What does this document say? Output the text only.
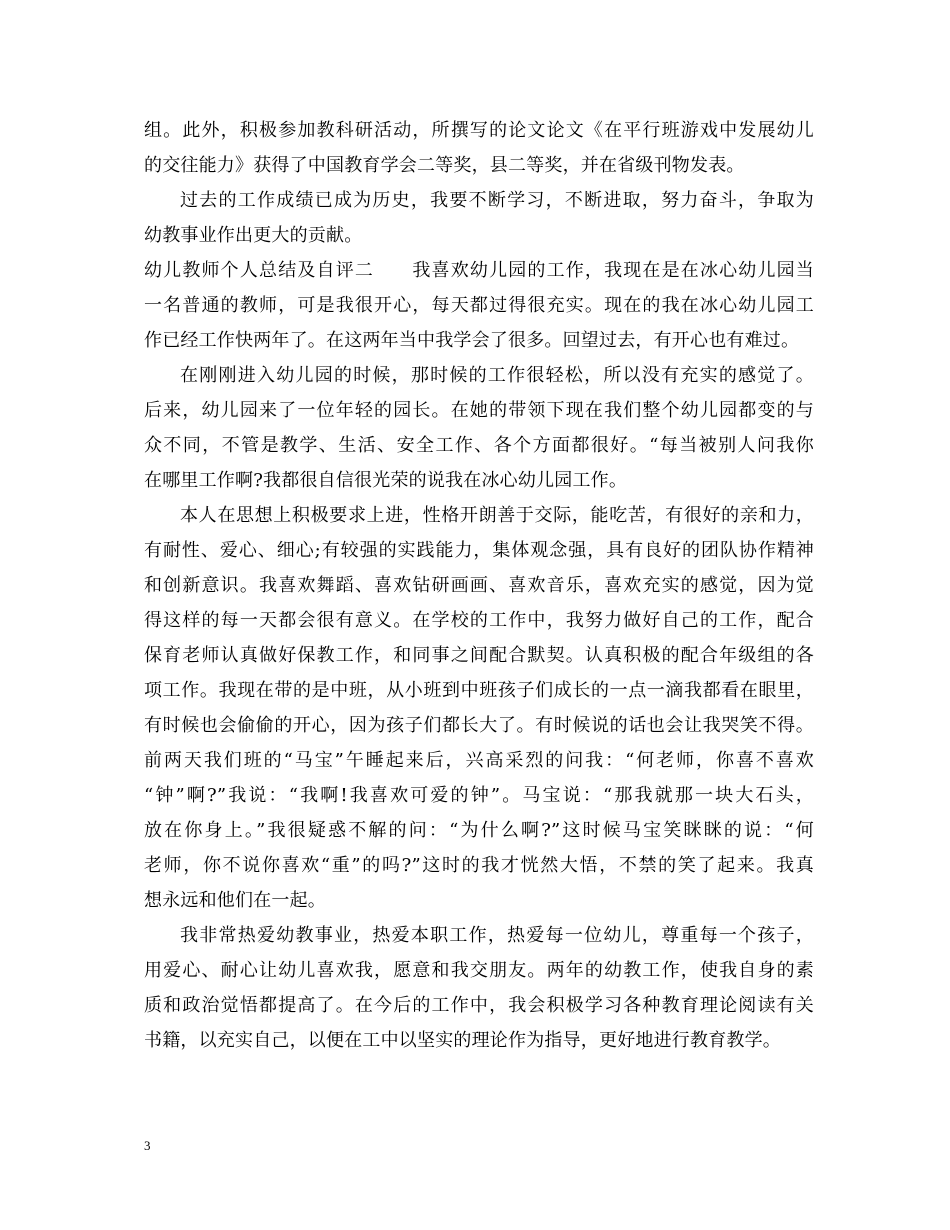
组。此外，积极参加教科研活动，所撰写的论文论文《在平行班游戏中发展幼儿
的交往能力》获得了中国教育学会二等奖，县二等奖，并在省级刊物发表。
过去的工作成绩已成为历史，我要不断学习，不断进取，努力奋斗，争取为
幼教事业作出更大的贡献。
幼儿教师个人总结及自评二　　我喜欢幼儿园的工作，我现在是在冰心幼儿园当
一名普通的教师，可是我很开心，每天都过得很充实。现在的我在冰心幼儿园工
作已经工作快两年了。在这两年当中我学会了很多。回望过去，有开心也有难过。
在刚刚进入幼儿园的时候，那时候的工作很轻松，所以没有充实的感觉了。
后来，幼儿园来了一位年轻的园长。在她的带领下现在我们整个幼儿园都变的与
众不同，不管是教学、生活、安全工作、各个方面都很好。“每当被别人问我你
在哪里工作啊?我都很自信很光荣的说我在冰心幼儿园工作。
本人在思想上积极要求上进，性格开朗善于交际，能吃苦，有很好的亲和力，
有耐性、爱心、细心;有较强的实践能力，集体观念强，具有良好的团队协作精神
和创新意识。我喜欢舞蹈、喜欢钻研画画、喜欢音乐，喜欢充实的感觉，因为觉
得这样的每一天都会很有意义。在学校的工作中，我努力做好自己的工作，配合
保育老师认真做好保教工作，和同事之间配合默契。认真积极的配合年级组的各
项工作。我现在带的是中班，从小班到中班孩子们成长的一点一滴我都看在眼里，
有时候也会偷偷的开心，因为孩子们都长大了。有时候说的话也会让我哭笑不得。
前两天我们班的“马宝”午睡起来后，兴高采烈的问我：“何老师，你喜不喜欢
“钟”啊?”我说：“我啊!我喜欢可爱的钟”。马宝说：“那我就那一块大石头，
放在你身上。”我很疑惑不解的问：“为什么啊?”这时候马宝笑眯眯的说：“何
老师，你不说你喜欢“重”的吗?”这时的我才恍然大悟，不禁的笑了起来。我真
想永远和他们在一起。
我非常热爱幼教事业，热爱本职工作，热爱每一位幼儿，尊重每一个孩子，
用爱心、耐心让幼儿喜欢我，愿意和我交朋友。两年的幼教工作，使我自身的素
质和政治觉悟都提高了。在今后的工作中，我会积极学习各种教育理论阅读有关
书籍，以充实自己，以便在工中以坚实的理论作为指导，更好地进行教育教学。
3
